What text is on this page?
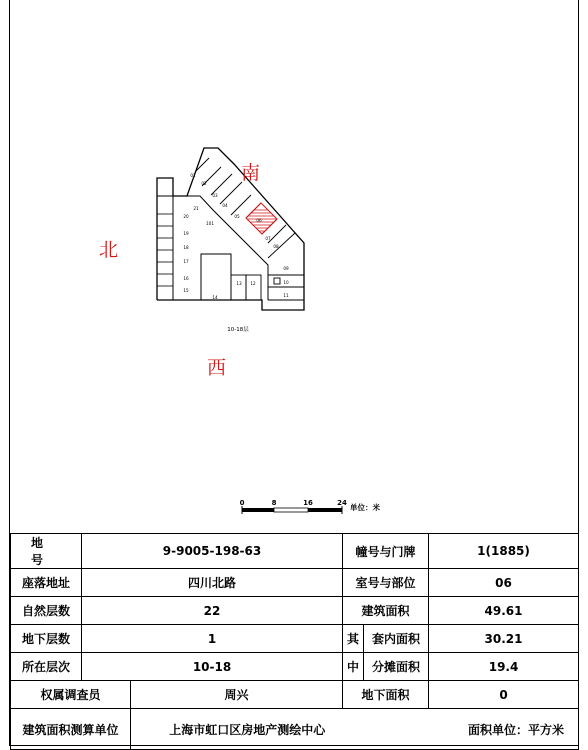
01
02
03
04
05
06
07
08
09
10
11
12
13
14
15
16
17
18
19
20
21
101
10-18层
南
北
西
0	8	16	24 单位：米
地 号	9-9005-198-63		幢号与门牌		1(1885)
座落地址	四川北路		室号与部位		06
自然层数	22		建筑面积		49.61
地下层数	1		其	套内面积	30.21
所在层次	10-18		中	分摊面积	19.4
权属调查员		周兴	地下面积		0
建筑面积测算单位		上海市虹口区房地产测绘中心		面积单位：平方米	
